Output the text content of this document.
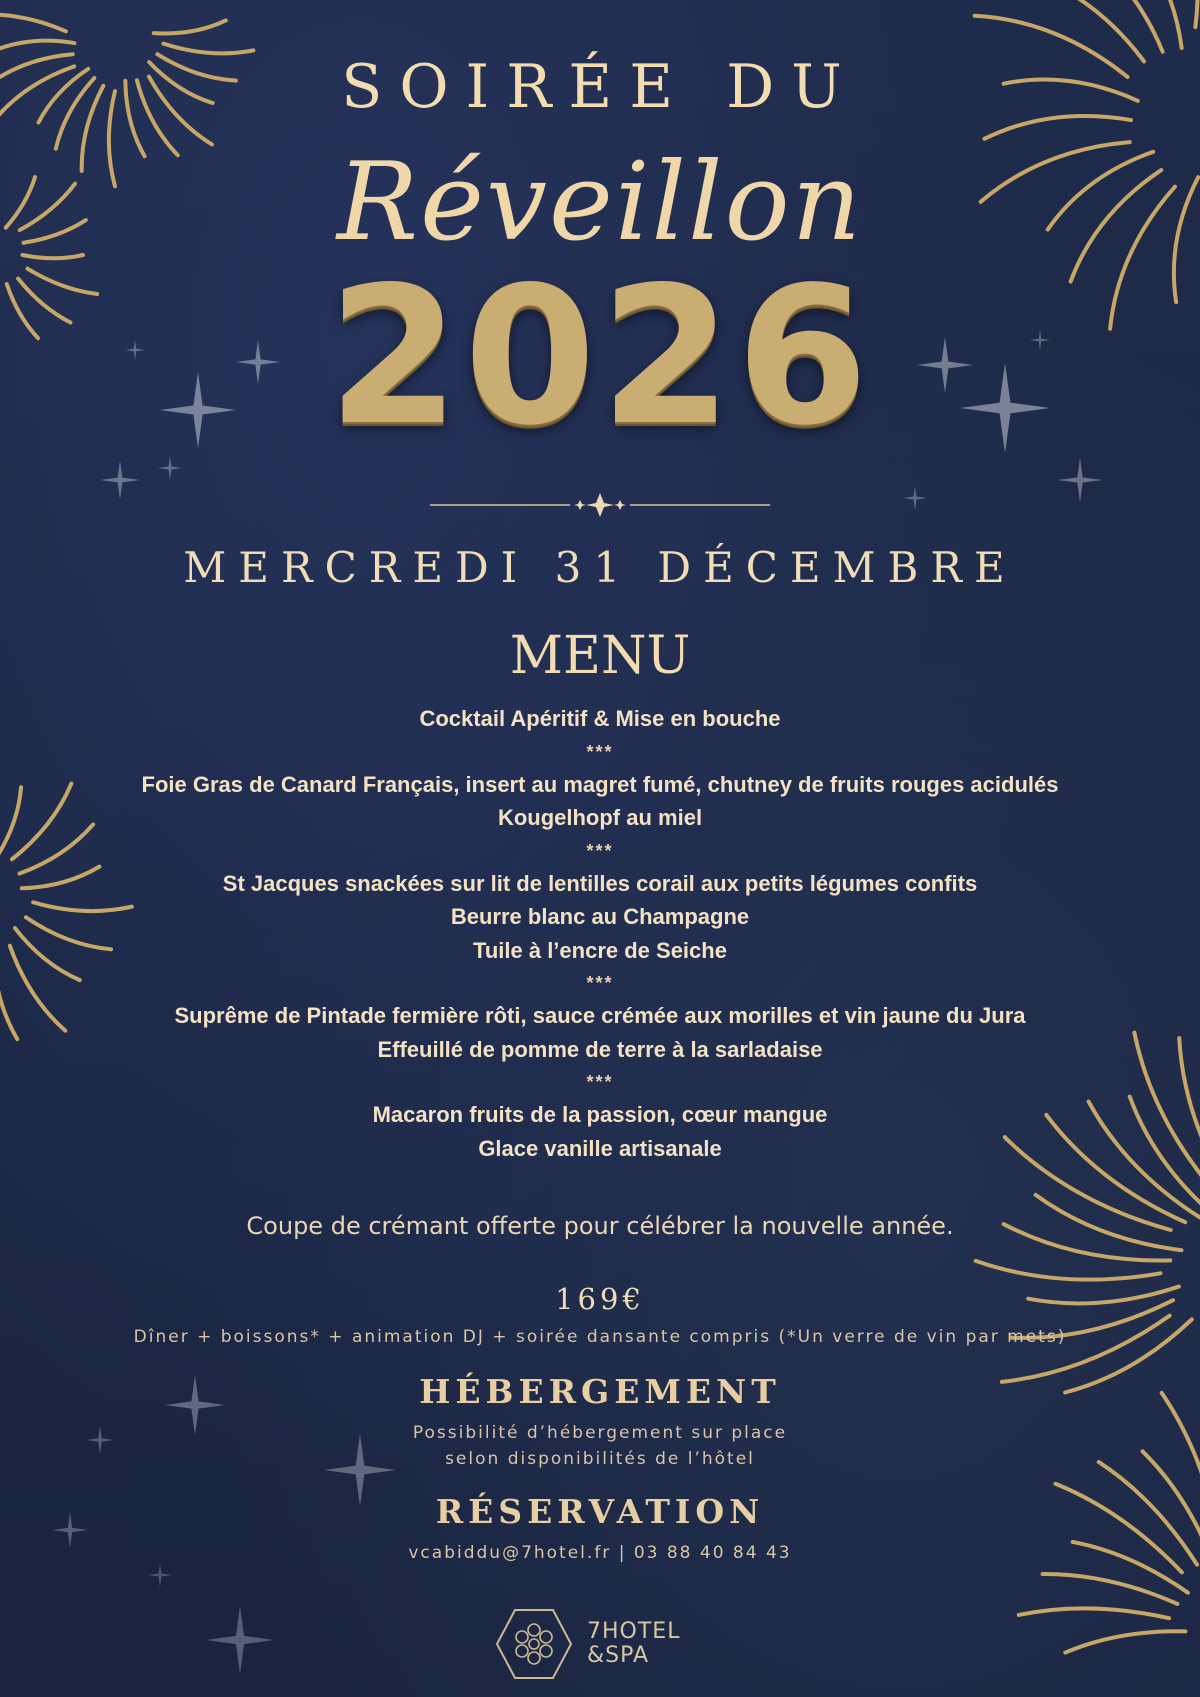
SOIRÉE DU
Réveillon
2026
MERCREDI 31 DÉCEMBRE
MENU
Cocktail Apéritif & Mise en bouche
***
Foie Gras de Canard Français, insert au magret fumé, chutney de fruits rouges acidulés
Kougelhopf au miel
***
St Jacques snackées sur lit de lentilles corail aux petits légumes confits
Beurre blanc au Champagne
Tuile à l’encre de Seiche
***
Suprême de Pintade fermière rôti, sauce crémée aux morilles et vin jaune du Jura
Effeuillé de pomme de terre à la sarladaise
***
Macaron fruits de la passion, cœur mangue
Glace vanille artisanale
Coupe de crémant offerte pour célébrer la nouvelle année.
169€
Dîner + boissons* + animation DJ + soirée dansante compris (*Un verre de vin par mets)
HÉBERGEMENT
Possibilité d’hébergement sur place
selon disponibilités de l’hôtel
RÉSERVATION
vcabiddu@7hotel.fr | 03 88 40 84 43
7HOTEL
&SPA
